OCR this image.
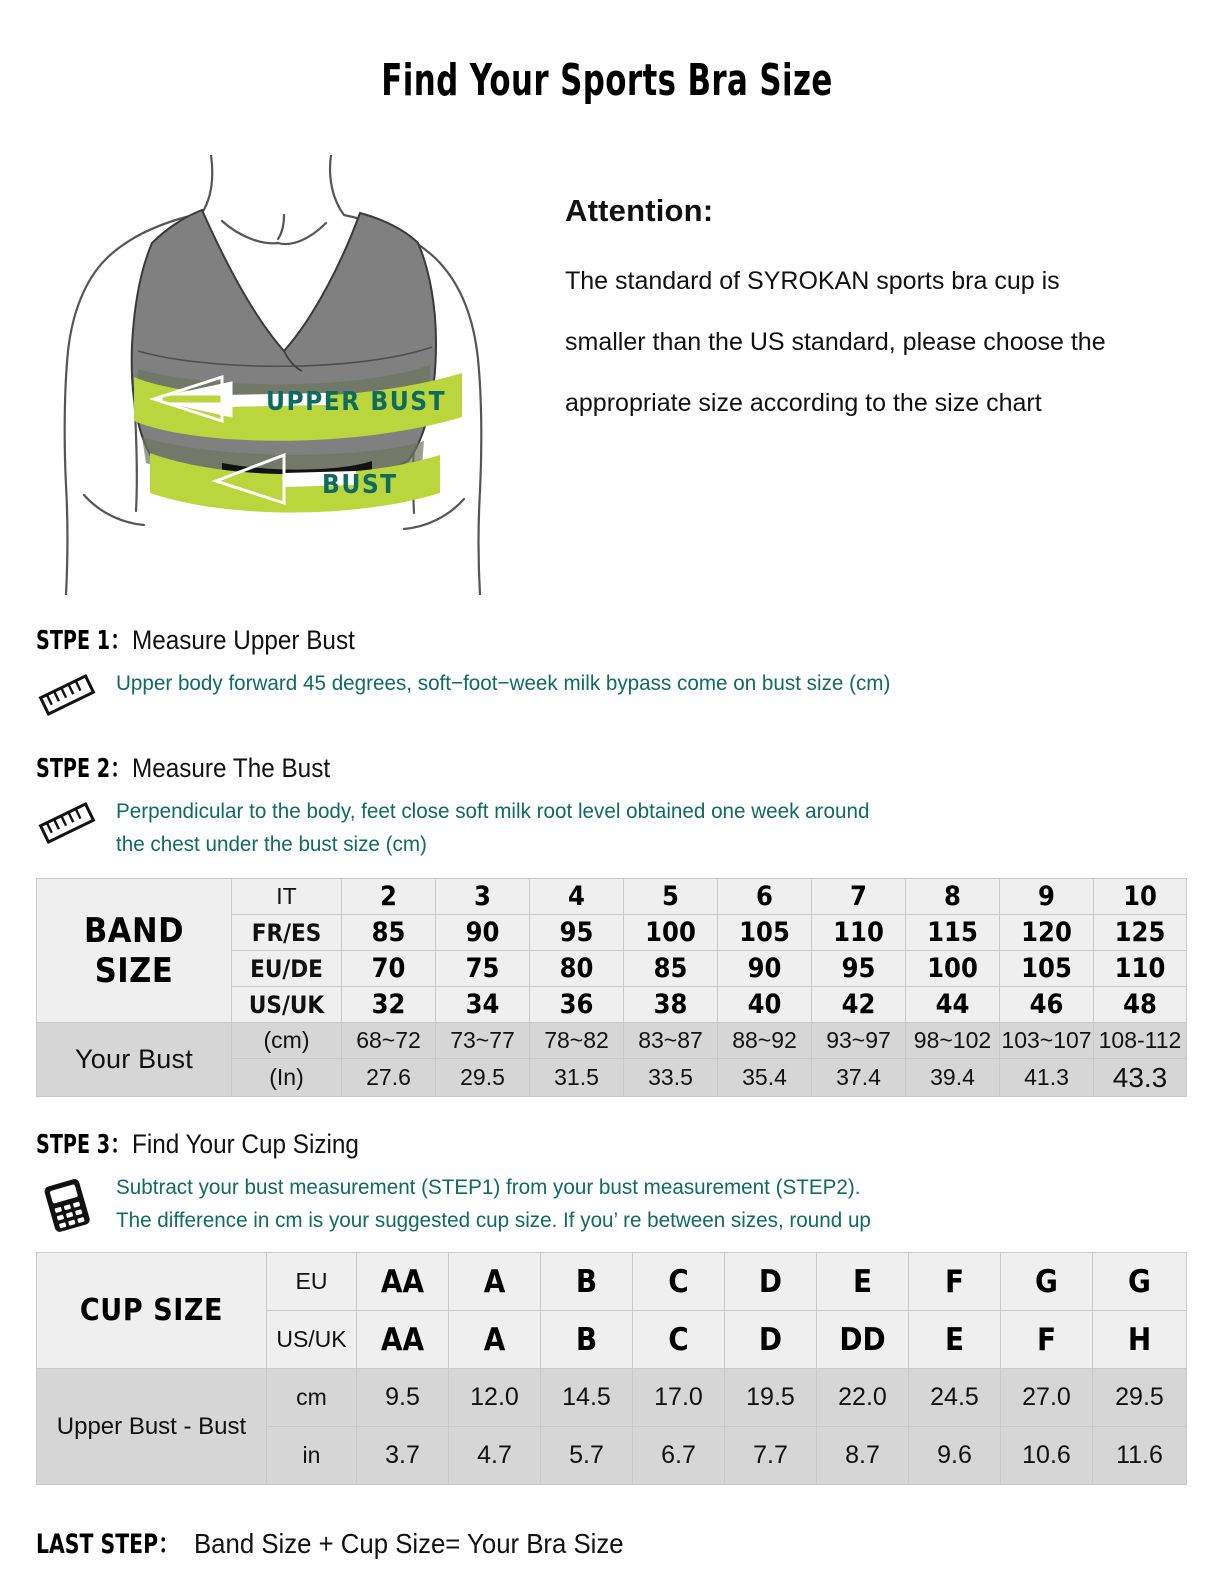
Find Your Sports Bra Size
UPPER BUST
BUST
Attention:
The standard of SYROKAN sports bra cup is smaller than the US standard, please choose the appropriate size according to the size chart
STPE 1： Measure Upper Bust
Upper body forward 45 degrees, soft−foot−week milk bypass come on bust size (cm)
STPE 2： Measure The Bust
Perpendicular to the body, feet close soft milk root level obtained one week around
the chest under the bust size (cm)
BAND
SIZE	IT	2	3	4	5	6	7	8	9	10
	FR/ES	85	90	95	100	105	110	115	120	125
	EU/DE	70	75	80	85	90	95	100	105	110
	US/UK	32	34	36	38	40	42	44	46	48
Your Bust	(cm)	68~72	73~77	78~82	83~87	88~92	93~97	98~102	103~107	108-112
	(In)	27.6	29.5	31.5	33.5	35.4	37.4	39.4	41.3	43.3
STPE 3： Find Your Cup Sizing
Subtract your bust measurement (STEP1) from your bust measurement (STEP2).
The difference in cm is your suggested cup size. If you’ re between sizes, round up
CUP SIZE	EU	AA	A	B	C	D	E	F	G	G
	US/UK	AA	A	B	C	D	DD	E	F	H
Upper Bust - Bust	cm	9.5	12.0	14.5	17.0	19.5	22.0	24.5	27.0	29.5
	in	3.7	4.7	5.7	6.7	7.7	8.7	9.6	10.6	11.6
LAST STEP： Band Size + Cup Size= Your Bra Size
